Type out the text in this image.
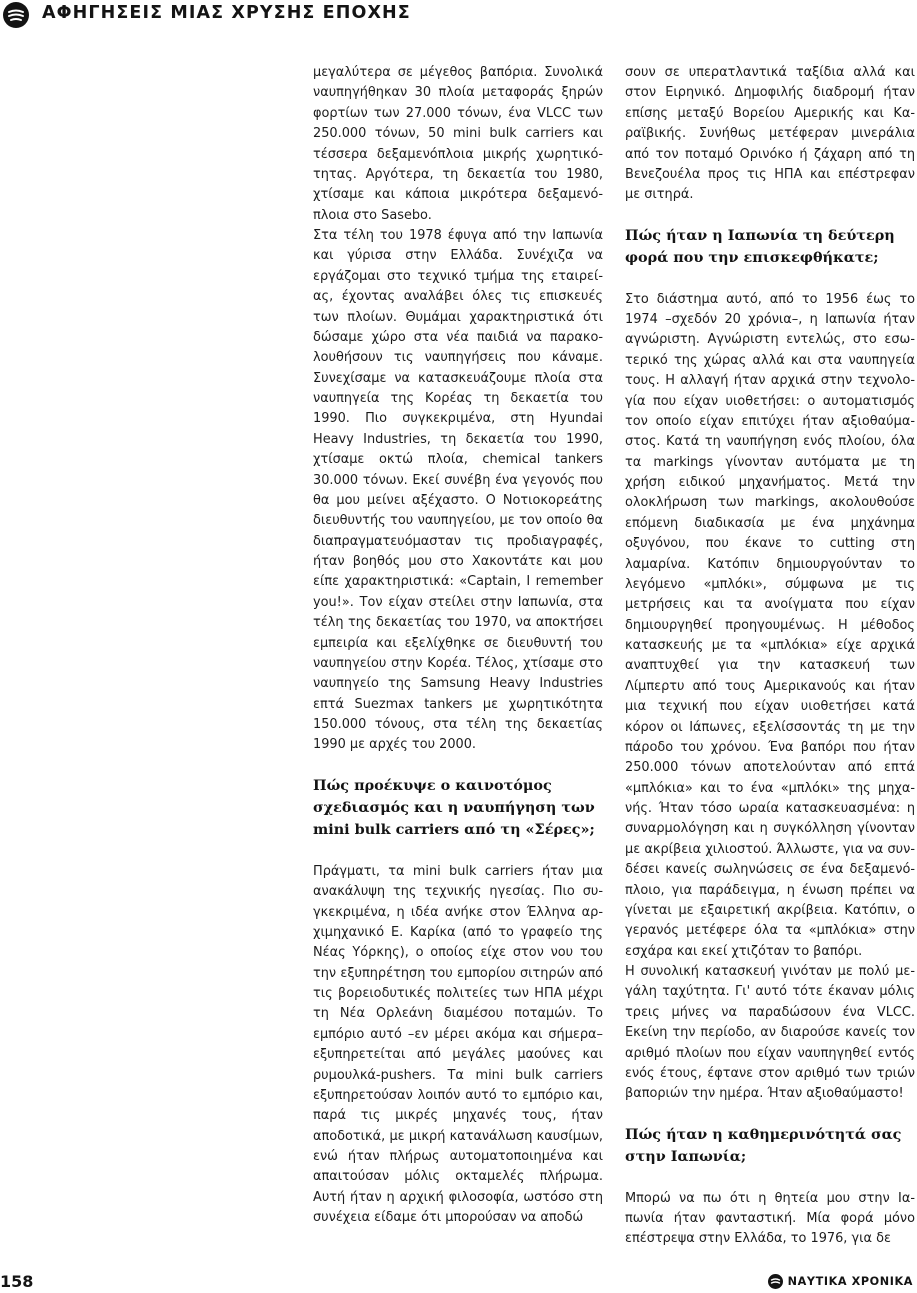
ΑΦΗΓΗΣΕΙΣ ΜΙΑΣ ΧΡΥΣΗΣ ΕΠΟΧΗΣ

μεγαλύτερα σε μέγεθος βαπόρια. Συνολικά ναυπηγήθηκαν 30 πλοία μεταφοράς ξηρών φορτίων των 27.000 τόνων, ένα VLCC των 250.000 τόνων, 50 mini bulk carriers και τέσσερα δεξαμενόπλοια μικρής χωρητικότητας. Αργότερα, τη δεκαετία του 1980, χτίσαμε και κάποια μικρότερα δεξαμενόπλοια στο Sasebo.

Στα τέλη του 1978 έφυγα από την Ιαπωνία και γύρισα στην Ελλάδα. Συνέχιζα να εργάζομαι στο τεχνικό τμήμα της εταιρείας, έχοντας αναλάβει όλες τις επισκευές των πλοίων. Θυμάμαι χαρακτηριστικά ότι δώσαμε χώρο στα νέα παιδιά να παρακολουθήσουν τις ναυπηγήσεις που κάναμε. Συνεχίσαμε να κατασκευάζουμε πλοία στα ναυπηγεία της Κορέας τη δεκαετία του 1990. Πιο συγκεκριμένα, στη Hyundai Heavy Industries, τη δεκαετία του 1990, χτίσαμε οκτώ πλοία, chemical tankers 30.000 τόνων. Εκεί συνέβη ένα γεγονός που θα μου μείνει αξέχαστο. Ο Νοτιοκορεάτης διευθυντής του ναυπηγείου, με τον οποίο θα διαπραγματευόμασταν τις προδιαγραφές, ήταν βοηθός μου στο Χακοντάτε και μου είπε χαρακτηριστικά: «Captain, I remember you!». Τον είχαν στείλει στην Ιαπωνία, στα τέλη της δεκαετίας του 1970, να αποκτήσει εμπειρία και εξελίχθηκε σε διευθυντή του ναυπηγείου στην Κορέα. Τέλος, χτίσαμε στο ναυπηγείο της Samsung Heavy Industries επτά Suezmax tankers με χωρητικότητα 150.000 τόνους, στα τέλη της δεκαετίας 1990 με αρχές του 2000.

Πώς προέκυψε ο καινοτόμος σχεδιασμός και η ναυπήγηση των mini bulk carriers από τη «Σέρες»;

Πράγματι, τα mini bulk carriers ήταν μια ανακάλυψη της τεχνικής ηγεσίας. Πιο συγκεκριμένα, η ιδέα ανήκε στον Έλληνα αρχιμηχανικό Ε. Καρίκα (από το γραφείο της Νέας Υόρκης), ο οποίος είχε στον νου του την εξυπηρέτηση του εμπορίου σιτηρών από τις βορειοδυτικές πολιτείες των ΗΠΑ μέχρι τη Νέα Ορλεάνη διαμέσου ποταμών. Το εμπόριο αυτό –εν μέρει ακόμα και σήμερα– εξυπηρετείται από μεγάλες μαούνες και ρυμουλκά-pushers. Τα mini bulk carriers εξυπηρετούσαν λοιπόν αυτό το εμπόριο και, παρά τις μικρές μηχανές τους, ήταν αποδοτικά, με μικρή κατανάλωση καυσίμων, ενώ ήταν πλήρως αυτοματοποιημένα και απαιτούσαν μόλις οκταμελές πλήρωμα. Αυτή ήταν η αρχική φιλοσοφία, ωστόσο στη συνέχεια είδαμε ότι μπορούσαν να αποδώ

σουν σε υπερατλαντικά ταξίδια αλλά και στον Ειρηνικό. Δημοφιλής διαδρομή ήταν επίσης μεταξύ Βορείου Αμερικής και Καραϊβικής. Συνήθως μετέφεραν μινεράλια από τον ποταμό Ορινόκο ή ζάχαρη από τη Βενεζουέλα προς τις ΗΠΑ και επέστρεφαν με σιτηρά.

Πώς ήταν η Ιαπωνία τη δεύτερη φορά που την επισκεφθήκατε;

Στο διάστημα αυτό, από το 1956 έως το 1974 –σχεδόν 20 χρόνια–, η Ιαπωνία ήταν αγνώριστη. Αγνώριστη εντελώς, στο εσωτερικό της χώρας αλλά και στα ναυπηγεία τους. Η αλλαγή ήταν αρχικά στην τεχνολογία που είχαν υιοθετήσει: ο αυτοματισμός τον οποίο είχαν επιτύχει ήταν αξιοθαύμαστος. Κατά τη ναυπήγηση ενός πλοίου, όλα τα markings γίνονταν αυτόματα με τη χρήση ειδικού μηχανήματος. Μετά την ολοκλήρωση των markings, ακολουθούσε επόμενη διαδικασία με ένα μηχάνημα οξυγόνου, που έκανε το cutting στη λαμαρίνα. Κατόπιν δημιουργούνταν το λεγόμενο «μπλόκι», σύμφωνα με τις μετρήσεις και τα ανοίγματα που είχαν δημιουργηθεί προηγουμένως. Η μέθοδος κατασκευής με τα «μπλόκια» είχε αρχικά αναπτυχθεί για την κατασκευή των Λίμπερτυ από τους Αμερικανούς και ήταν μια τεχνική που είχαν υιοθετήσει κατά κόρον οι Ιάπωνες, εξελίσσοντάς τη με την πάροδο του χρόνου. Ένα βαπόρι που ήταν 250.000 τόνων αποτελούνταν από επτά «μπλόκια» και το ένα «μπλόκι» της μηχανής. Ήταν τόσο ωραία κατασκευασμένα: η συναρμολόγηση και η συγκόλληση γίνονταν με ακρίβεια χιλιοστού. Άλλωστε, για να συνδέσει κανείς σωληνώσεις σε ένα δεξαμενόπλοιο, για παράδειγμα, η ένωση πρέπει να γίνεται με εξαιρετική ακρίβεια. Κατόπιν, ο γερανός μετέφερε όλα τα «μπλόκια» στην εσχάρα και εκεί χτιζόταν το βαπόρι.

Η συνολική κατασκευή γινόταν με πολύ μεγάλη ταχύτητα. Γι' αυτό τότε έκαναν μόλις τρεις μήνες να παραδώσουν ένα VLCC. Εκείνη την περίοδο, αν διαρούσε κανείς τον αριθμό πλοίων που είχαν ναυπηγηθεί εντός ενός έτους, έφτανε στον αριθμό των τριών βαποριών την ημέρα. Ήταν αξιοθαύμαστο!

Πώς ήταν η καθημερινότητά σας στην Ιαπωνία;

Μπορώ να πω ότι η θητεία μου στην Ιαπωνία ήταν φανταστική. Μία φορά μόνο επέστρεψα στην Ελλάδα, το 1976, για δε

158	ΝΑΥΤΙΚΑ ΧΡΟΝΙΚΑ
